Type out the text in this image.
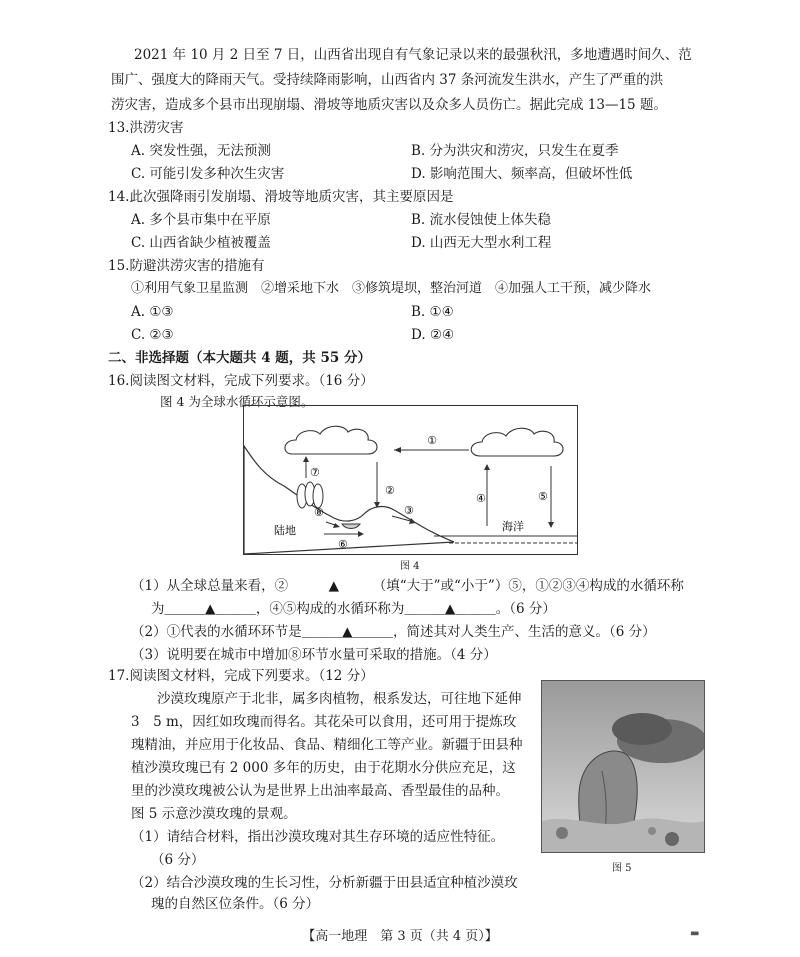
2021 年 10 月 2 日至 7 日，山西省出现自有气象记录以来的最强秋汛，多地遭遇时间久、范
围广、强度大的降雨天气。受持续降雨影响，山西省内 37 条河流发生洪水，产生了严重的洪
涝灾害，造成多个县市出现崩塌、滑坡等地质灾害以及众多人员伤亡。据此完成 13—15 题。
13.洪涝灾害
A. 突发性强，无法预测	B. 分为洪灾和涝灾，只发生在夏季
C. 可能引发多种次生灾害	D. 影响范围大、频率高，但破坏性低
14.此次强降雨引发崩塌、滑坡等地质灾害，其主要原因是
A. 多个县市集中在平原	B. 流水侵蚀使上体失稳
C. 山西省缺少植被覆盖	D. 山西无大型水利工程
15.防避洪涝灾害的措施有
①利用气象卫星监测　②增采地下水　③修筑堤坝，整治河道　④加强人工干预，减少降水
A. ①③	B. ①④
C. ②③	D. ②④
二、非选择题（本大题共 4 题，共 55 分）
16.阅读图文材料，完成下列要求。（16 分）
图 4 为全球水循环示意图。
①
②
③
④	⑤
⑥
⑦
⑧
陆地	海洋
图 4
（1）从全球总量来看，②　　　▲　　　（填“大于”或“小于”）⑤，①②③④构成的水循环称
为＿＿＿▲＿＿＿，④⑤构成的水循环称为＿＿＿▲＿＿＿。（6 分）
（2）①代表的水循环环节是＿＿＿▲＿＿＿，简述其对人类生产、生活的意义。（6 分）
（3）说明要在城市中增加⑧环节水量可采取的措施。（4 分）
17.阅读图文材料，完成下列要求。（12 分）
沙漠玫瑰原产于北非，属多肉植物，根系发达，可往地下延伸
3　5 m，因红如玫瑰而得名。其花朵可以食用，还可用于提炼玫
瑰精油，并应用于化妆品、食品、精细化工等产业。新疆于田县种
植沙漠玫瑰已有 2 000 多年的历史，由于花期水分供应充足，这
里的沙漠玫瑰被公认为是世界上出油率最高、香型最佳的品种。
图 5 示意沙漠玫瑰的景观。
（1）请结合材料，指出沙漠玫瑰对其生存环境的适应性特征。
（6 分）
（2）结合沙漠玫瑰的生长习性，分析新疆于田县适宜种植沙漠玫
瑰的自然区位条件。（6 分）
图 5
【高一地理　第 3 页（共 4 页）】	▬
